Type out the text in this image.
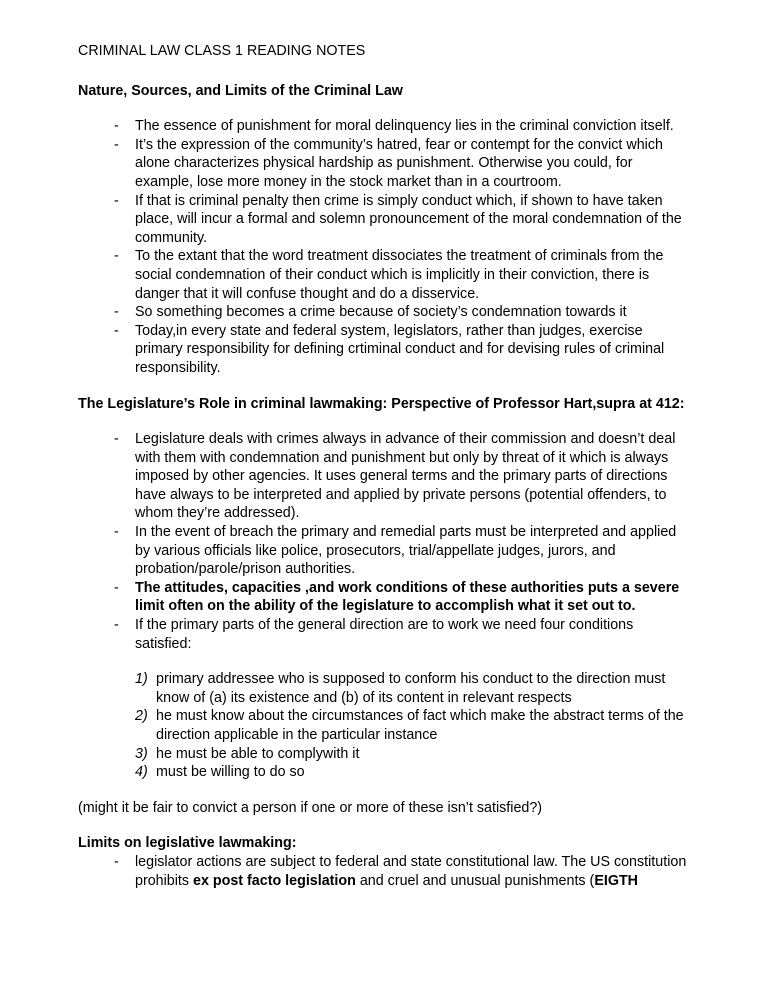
CRIMINAL LAW CLASS 1 READING NOTES
Nature, Sources, and Limits of the Criminal Law
- The essence of punishment for moral delinquency lies in the criminal conviction itself.
- It’s the expression of the community’s hatred, fear or contempt for the convict which alone characterizes physical hardship as punishment. Otherwise you could, for example, lose more money in the stock market than in a courtroom.
- If that is criminal penalty then crime is simply conduct which, if shown to have taken place, will incur a formal and solemn pronouncement of the moral condemnation of the community.
- To the extant that the word treatment dissociates the treatment of criminals from the social condemnation of their conduct which is implicitly in their conviction, there is danger that it will confuse thought and do a disservice.
- So something becomes a crime because of society’s condemnation towards it
- Today,in every state and federal system, legislators, rather than judges, exercise primary responsibility for defining crtiminal conduct and for devising rules of criminal responsibility.
The Legislature’s Role in criminal lawmaking: Perspective of Professor Hart,supra at 412:
- Legislature deals with crimes always in advance of their commission and doesn’t deal with them with condemnation and punishment but only by threat of it which is always imposed by other agencies. It uses general terms and the primary parts of directions have always to be interpreted and applied by private persons (potential offenders, to whom they’re addressed).
- In the event of breach the primary and remedial parts must be interpreted and applied by various officials like police, prosecutors, trial/appellate judges, jurors, and probation/parole/prison authorities.
- The attitudes, capacities ,and work conditions of these authorities puts a severe limit often on the ability of the legislature to accomplish what it set out to.
- If the primary parts of the general direction are to work we need four conditions satisfied:
1) primary addressee who is supposed to conform his conduct to the direction must know of (a) its existence and (b) of its content in relevant respects
2) he must know about the circumstances of fact which make the abstract terms of the direction applicable in the particular instance
3) he must be able to complywith it
4) must be willing to do so

(might it be fair to convict a person if one or more of these isn’t satisfied?)

Limits on legislative lawmaking:
- legislator actions are subject to federal and state constitutional law. The US constitution prohibits ex post facto legislation and cruel and unusual punishments (EIGTH
